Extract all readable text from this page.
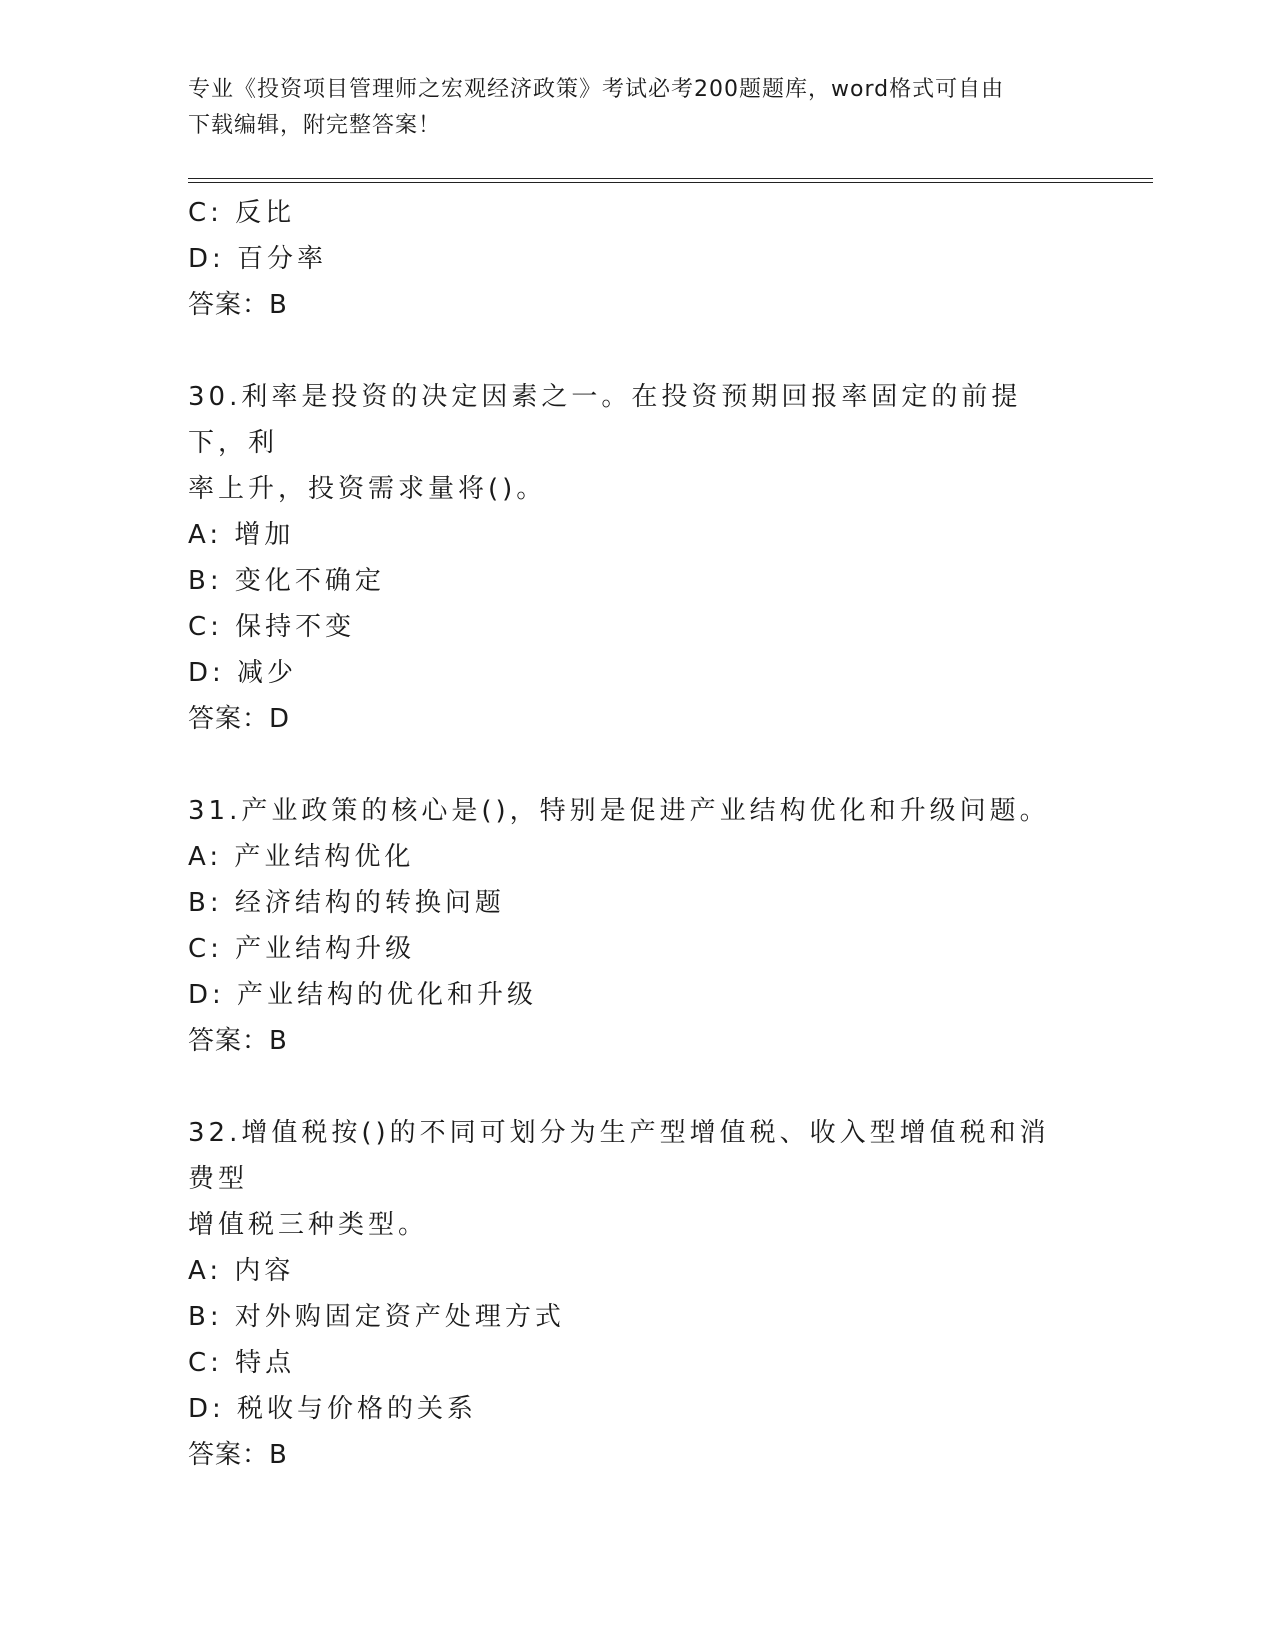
专业《投资项目管理师之宏观经济政策》考试必考200题题库，word格式可自由
下载编辑，附完整答案！
C: 反比
D: 百分率
答案：B
30.利率是投资的决定因素之一。在投资预期回报率固定的前提下，利
率上升，投资需求量将()。
A: 增加
B: 变化不确定
C: 保持不变
D: 减少
答案：D
31.产业政策的核心是()，特别是促进产业结构优化和升级问题。
A: 产业结构优化
B: 经济结构的转换问题
C: 产业结构升级
D: 产业结构的优化和升级
答案：B
32.增值税按()的不同可划分为生产型增值税、收入型增值税和消费型
增值税三种类型。
A: 内容
B: 对外购固定资产处理方式
C: 特点
D: 税收与价格的关系
答案：B
